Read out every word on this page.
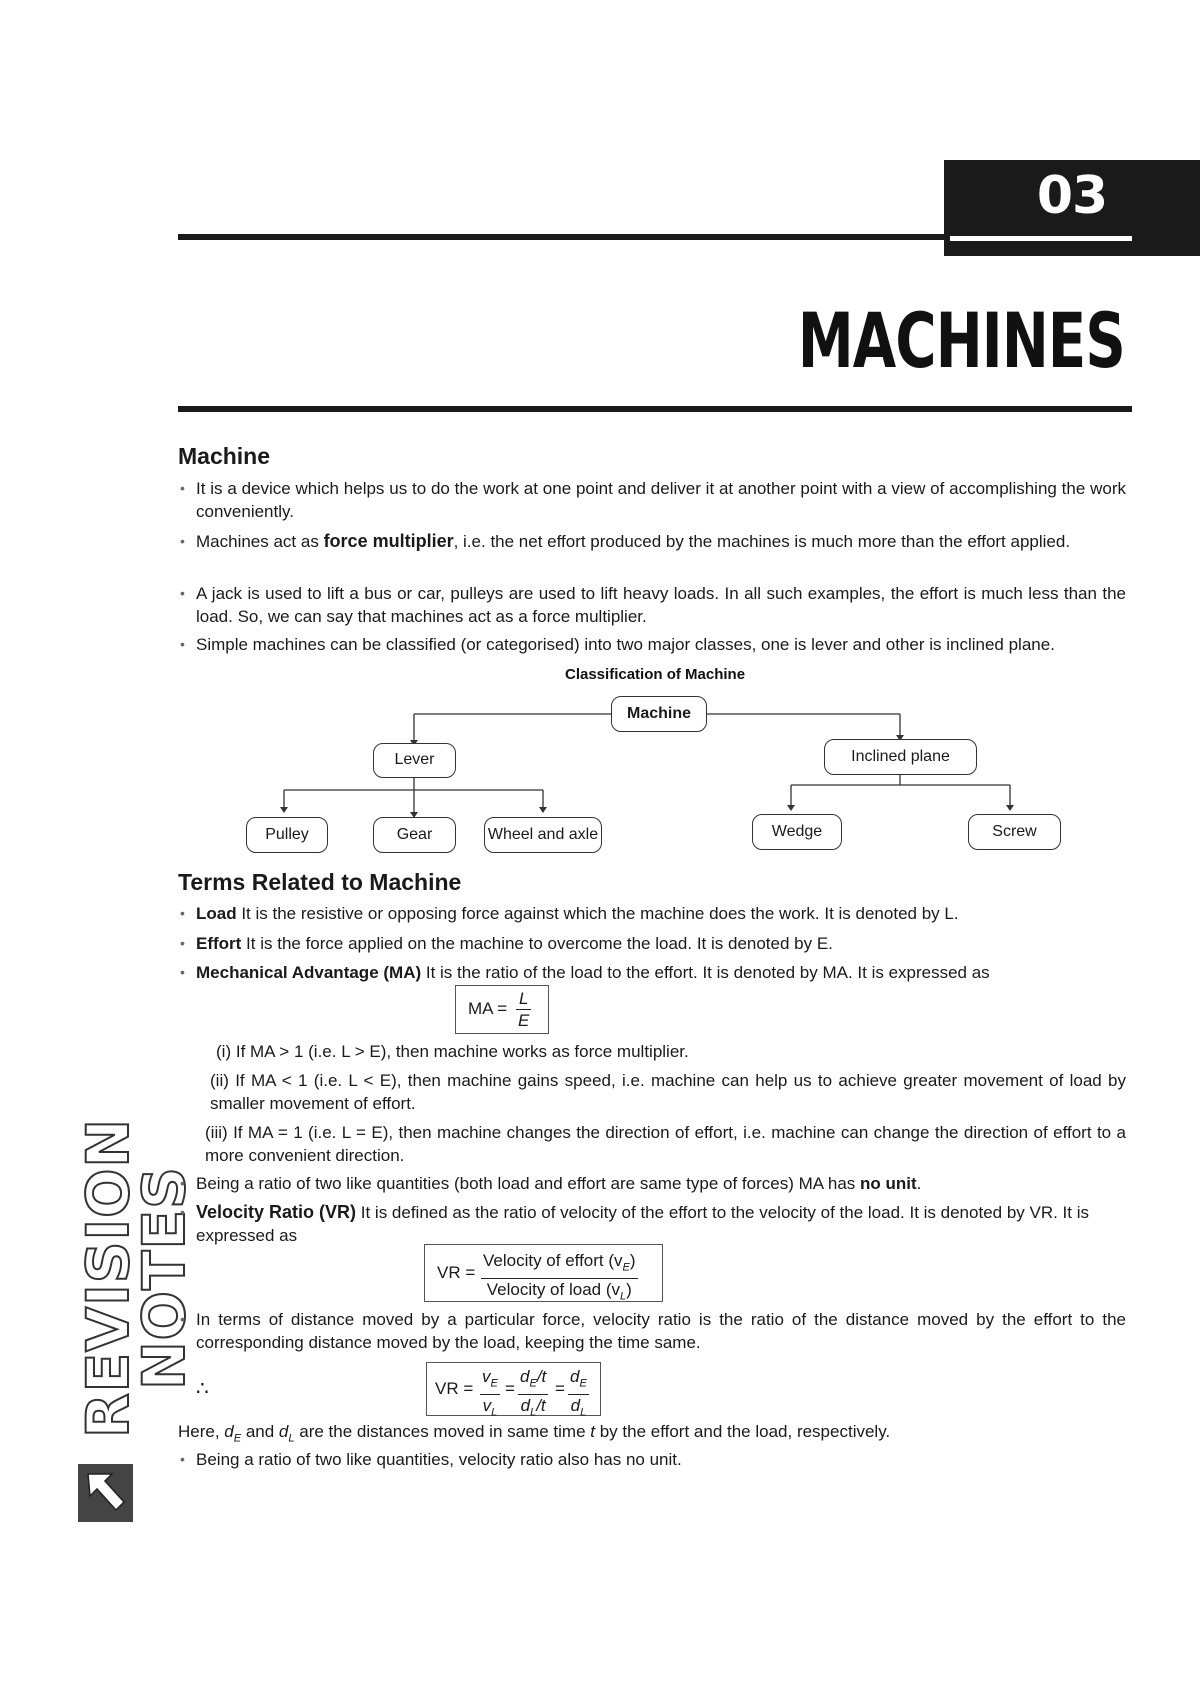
03
MACHINES
REVISION NOTES
Machine
• It is a device which helps us to do the work at one point and deliver it at another point with a view of accomplishing the work conveniently.
• Machines act as force multiplier, i.e. the net effort produced by the machines is much more than the effort applied.
• A jack is used to lift a bus or car, pulleys are used to lift heavy loads. In all such examples, the effort is much less than the load. So, we can say that machines act as a force multiplier.
• Simple machines can be classified (or categorised) into two major classes, one is lever and other is inclined plane.
Classification of Machine
Machine
Lever	Inclined plane
Pulley	Gear	Wheel and axle	Wedge	Screw
Terms Related to Machine
• Load It is the resistive or opposing force against which the machine does the work. It is denoted by L.
• Effort It is the force applied on the machine to overcome the load. It is denoted by E.
• Mechanical Advantage (MA) It is the ratio of the load to the effort. It is denoted by MA. It is expressed as
MA = $\frac{L}{E}$
(i) If MA > 1 (i.e. L > E), then machine works as force multiplier.
(ii) If MA < 1 (i.e. L < E), then machine gains speed, i.e. machine can help us to achieve greater movement of load by smaller movement of effort.
(iii) If MA = 1 (i.e. L = E), then machine changes the direction of effort, i.e. machine can change the direction of effort to a more convenient direction.
• Being a ratio of two like quantities (both load and effort are same type of forces) MA has no unit.
• Velocity Ratio (VR) It is defined as the ratio of velocity of the effort to the velocity of the load. It is denoted by VR. It is expressed as
VR =
Velocity of effort $(v_E)$
Velocity of load $(v_L)$
• In terms of distance moved by a particular force, velocity ratio is the ratio of the distance moved by the effort to the corresponding distance moved by the load, keeping the time same.
∴	VR = $\frac{v_E}{v_L} = \frac{d_E/t}{d_L/t} = \frac{d_E}{d_L}$
Here, $d_E$ and $d_L$ are the distances moved in same time t by the effort and the load, respectively.
• Being a ratio of two like quantities, velocity ratio also has no unit.
